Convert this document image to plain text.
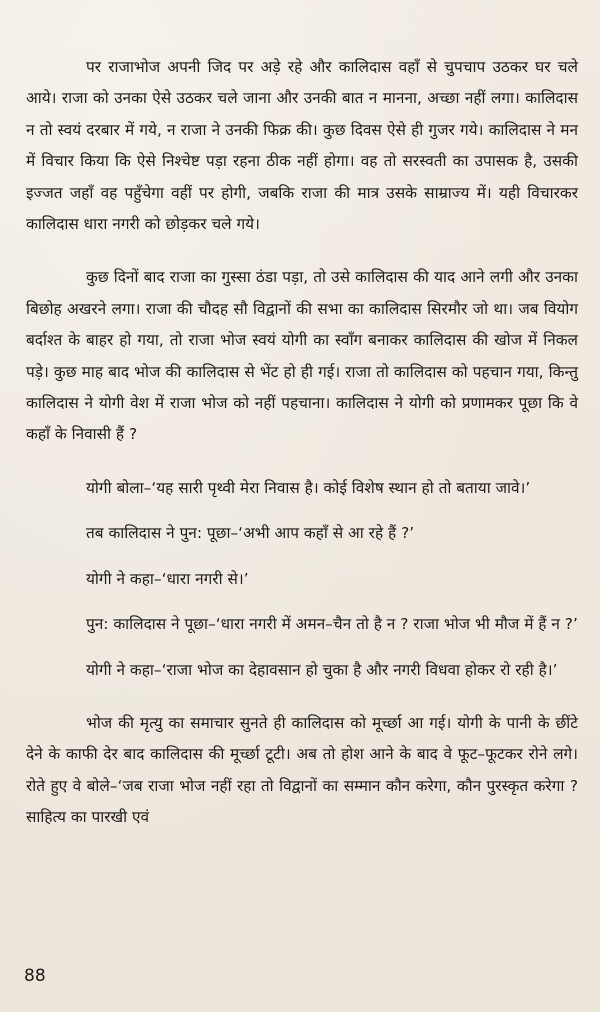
पर राजाभोज अपनी जिद पर अड़े रहे और कालिदास वहाँ से चुपचाप उठकर घर चले आये। राजा को उनका ऐसे उठकर चले जाना और उनकी बात न मानना, अच्छा नहीं लगा। कालिदास न तो स्वयं दरबार में गये, न राजा ने उनकी फिक्र की। कुछ दिवस ऐसे ही गुजर गये। कालिदास ने मन में विचार किया कि ऐसे निश्चेष्ट पड़ा रहना ठीक नहीं होगा। वह तो सरस्वती का उपासक है, उसकी इज्जत जहाँ वह पहुँचेगा वहीं पर होगी, जबकि राजा की मात्र उसके साम्राज्य में। यही विचारकर कालिदास धारा नगरी को छोड़कर चले गये।

कुछ दिनों बाद राजा का गुस्सा ठंडा पड़ा, तो उसे कालिदास की याद आने लगी और उनका बिछोह अखरने लगा। राजा की चौदह सौ विद्वानों की सभा का कालिदास सिरमौर जो था। जब वियोग बर्दाश्त के बाहर हो गया, तो राजा भोज स्वयं योगी का स्वाँग बनाकर कालिदास की खोज में निकल पड़े। कुछ माह बाद भोज की कालिदास से भेंट हो ही गई। राजा तो कालिदास को पहचान गया, किन्तु कालिदास ने योगी वेश में राजा भोज को नहीं पहचाना। कालिदास ने योगी को प्रणामकर पूछा कि वे कहाँ के निवासी हैं ?

योगी बोला–‘यह सारी पृथ्वी मेरा निवास है। कोई विशेष स्थान हो तो बताया जावे।’

तब कालिदास ने पुन: पूछा–‘अभी आप कहाँ से आ रहे हैं ?’

योगी ने कहा–‘धारा नगरी से।’

पुन: कालिदास ने पूछा–‘धारा नगरी में अमन–चैन तो है न ? राजा भोज भी मौज में हैं न ?’

योगी ने कहा–‘राजा भोज का देहावसान हो चुका है और नगरी विधवा होकर रो रही है।’

भोज की मृत्यु का समाचार सुनते ही कालिदास को मूर्च्छा आ गई। योगी के पानी के छींटे देने के काफी देर बाद कालिदास की मूर्च्छा टूटी। अब तो होश आने के बाद वे फूट–फूटकर रोने लगे। रोते हुए वे बोले–‘जब राजा भोज नहीं रहा तो विद्वानों का सम्मान कौन करेगा, कौन पुरस्कृत करेगा ? साहित्य का पारखी एवं

88
